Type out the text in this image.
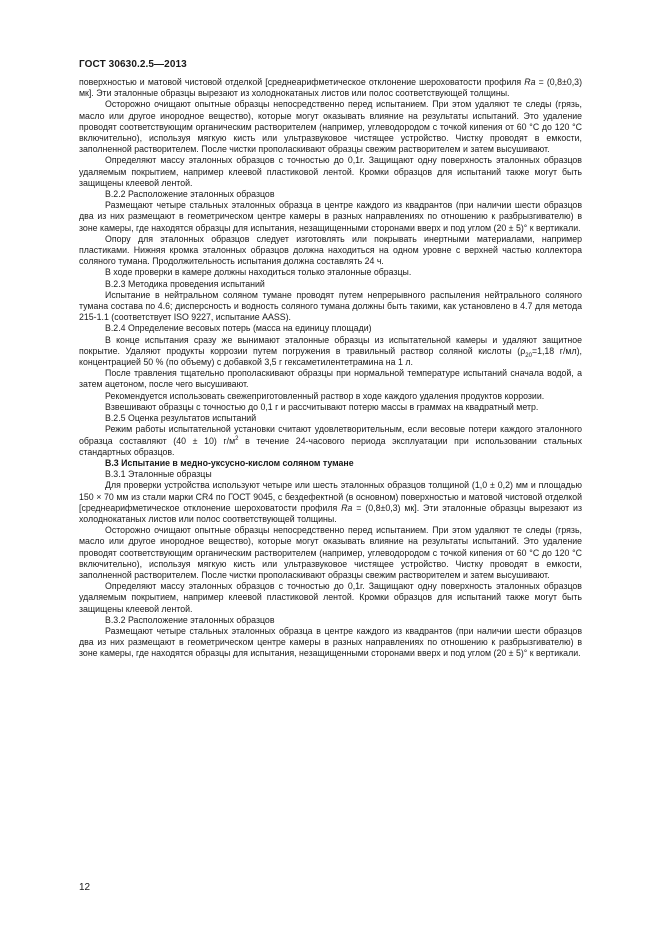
ГОСТ 30630.2.5—2013

поверхностью и матовой чистовой отделкой [среднеарифметическое отклонение шероховатости профиля Ra = (0,8±0,3) мк]. Эти эталонные образцы вырезают из холоднокатаных листов или полос соответствующей толщины.

Осторожно очищают опытные образцы непосредственно перед испытанием. При этом удаляют те следы (грязь, масло или другое инородное вещество), которые могут оказывать влияние на результаты испытаний. Это удаление проводят соответствующим органическим растворителем (например, углеводородом с точкой кипения от 60 °С до 120 °С включительно), используя мягкую кисть или ультразвуковое чистящее устройство. Чистку проводят в емкости, заполненной растворителем. После чистки прополаскивают образцы свежим растворителем и затем высушивают.

Определяют массу эталонных образцов с точностью до 0,1г. Защищают одну поверхность эталонных образцов удаляемым покрытием, например клеевой пластиковой лентой. Кромки образцов для испытаний также могут быть защищены клеевой лентой.

В.2.2 Расположение эталонных образцов

Размещают четыре стальных эталонных образца в центре каждого из квадрантов (при наличии шести образцов два из них размещают в геометрическом центре камеры в разных направлениях по отношению к разбрызгивателю) в зоне камеры, где находятся образцы для испытания, незащищенными сторонами вверх и под углом (20 ± 5)° к вертикали.

Опору для эталонных образцов следует изготовлять или покрывать инертными материалами, например пластиками. Нижняя кромка эталонных образцов должна находиться на одном уровне с верхней частью коллектора соляного тумана. Продолжительность испытания должна составлять 24 ч.

В ходе проверки в камере должны находиться только эталонные образцы.

В.2.3 Методика проведения испытаний

Испытание в нейтральном соляном тумане проводят путем непрерывного распыления нейтрального соляного тумана состава по 4.6; дисперсность и водность соляного тумана должны быть такими, как установлено в 4.7 для метода 215-1.1 (соответствует ISO 9227, испытание AASS).

В.2.4 Определение весовых потерь (масса на единицу площади)

В конце испытания сразу же вынимают эталонные образцы из испытательной камеры и удаляют защитное покрытие. Удаляют продукты коррозии путем погружения в травильный раствор соляной кислоты ($\rho_{20}=1,18$ г/мл), концентрацией 50 % (по объему) с добавкой 3,5 г гексаметилентетрамина на 1 л.

После травления тщательно прополаскивают образцы при нормальной температуре испытаний сначала водой, а затем ацетоном, после чего высушивают.

Рекомендуется использовать свежеприготовленный раствор в ходе каждого удаления продуктов коррозии.

Взвешивают образцы с точностью до 0,1 г и рассчитывают потерю массы в граммах на квадратный метр.

В.2.5 Оценка результатов испытаний

Режим работы испытательной установки считают удовлетворительным, если весовые потери каждого эталонного образца составляют (40 ± 10) $г/м^2$ в течение 24-часового периода эксплуатации при использовании стальных стандартных образцов.

В.3 Испытание в медно-уксусно-кислом соляном тумане

В.3.1 Эталонные образцы

Для проверки устройства используют четыре или шесть эталонных образцов толщиной (1,0 ± 0,2) мм и площадью 150 × 70 мм из стали марки CR4 по ГОСТ 9045, с бездефектной (в основном) поверхностью и матовой чистовой отделкой [среднеарифметическое отклонение шероховатости профиля Ra = (0,8±0,3) мк]. Эти эталонные образцы вырезают из холоднокатаных листов или полос соответствующей толщины.

Осторожно очищают опытные образцы непосредственно перед испытанием. При этом удаляют те следы (грязь, масло или другое инородное вещество), которые могут оказывать влияние на результаты испытаний. Это удаление проводят соответствующим органическим растворителем (например, углеводородом с точкой кипения от 60 °С до 120 °С включительно), используя мягкую кисть или ультразвуковое чистящее устройство. Чистку проводят в емкости, заполненной растворителем. После чистки прополаскивают образцы свежим растворителем и затем высушивают.

Определяют массу эталонных образцов с точностью до 0,1г. Защищают одну поверхность эталонных образцов удаляемым покрытием, например клеевой пластиковой лентой. Кромки образцов для испытаний также могут быть защищены клеевой лентой.

В.3.2 Расположение эталонных образцов

Размещают четыре стальных эталонных образца в центре каждого из квадрантов (при наличии шести образцов два из них размещают в геометрическом центре камеры в разных направлениях по отношению к разбрызгивателю) в зоне камеры, где находятся образцы для испытания, незащищенными сторонами вверх и под углом (20 ± 5)° к вертикали.

12
